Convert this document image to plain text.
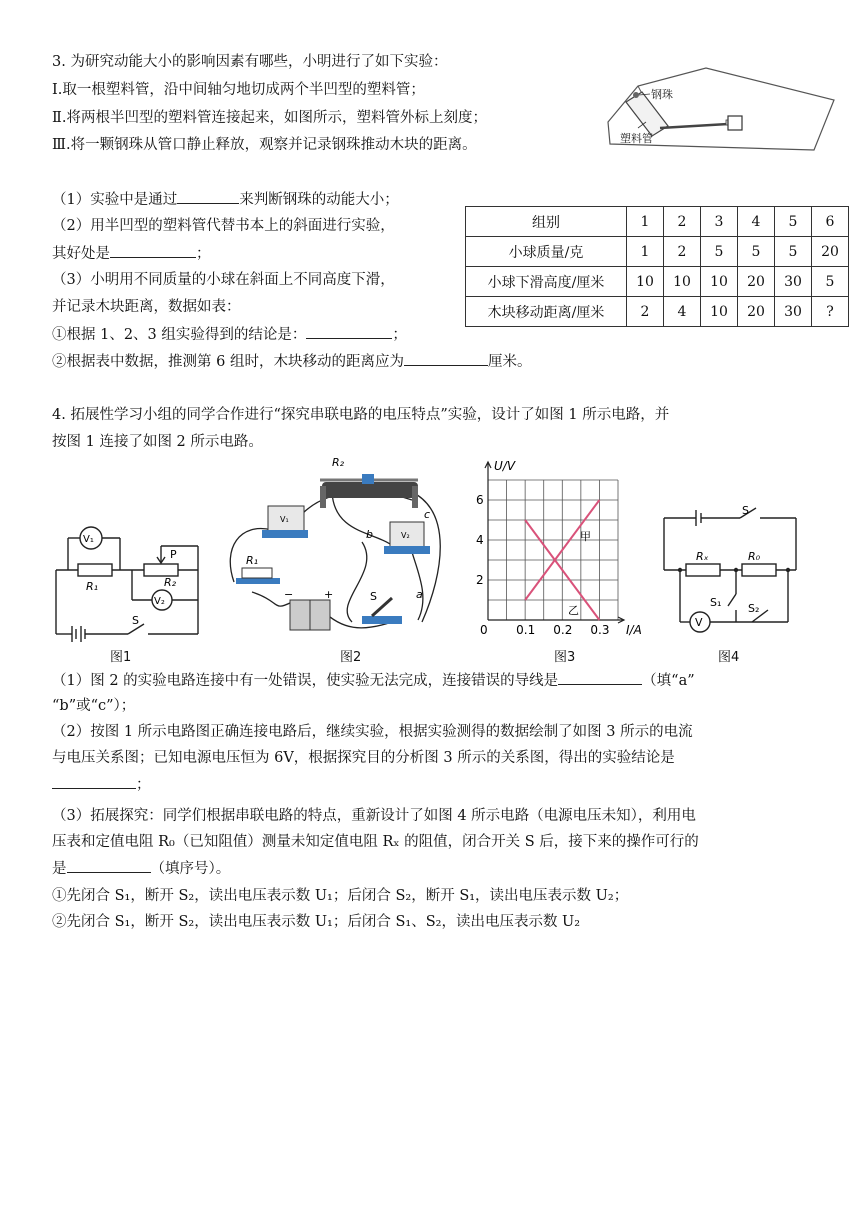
3. 为研究动能大小的影响因素有哪些，小明进行了如下实验：
Ⅰ.取一根塑料管，沿中间轴匀地切成两个半凹型的塑料管；
Ⅱ.将两根半凹型的塑料管连接起来，如图所示，塑料管外标上刻度；
Ⅲ.将一颗钢珠从管口静止释放，观察并记录钢珠推动木块的距离。
钢珠
塑料管
（1）实验中是通过	来判断钢珠的动能大小；
（2）用半凹型的塑料管代替书本上的斜面进行实验，
其好处是	；
（3）小明用不同质量的小球在斜面上不同高度下滑，
并记录木块距离，数据如表：
①根据 1、2、3 组实验得到的结论是：	；
②根据表中数据，推测第 6 组时，木块移动的距离应为	厘米。
组别	1	2	3	4	5	6
小球质量/克	1	2	5	5	5	20
小球下滑高度/厘米	10	10	10	20	30	5
木块移动距离/厘米	2	4	10	20	30	?
4. 拓展性学习小组的同学合作进行“探究串联电路的电压特点”实验，设计了如图 1 所示电路，并
按图 1 连接了如图 2 所示电路。
V₁
V₂
R₁	R₂
P
S
图1
R₂
R₁
V₁
V₂
S	a
b
c
+
−
图2
0.1 0.2 0.3
2
4
6
U/V
I/A
0
甲
乙
图3
S
Rₓ	R₀
S₁ S₂
V
图4
（1）图 2 的实验电路连接中有一处错误，使实验无法完成，连接错误的导线是	（填“a”
“b”或“c”）；
（2）按图 1 所示电路图正确连接电路后，继续实验，根据实验测得的数据绘制了如图 3 所示的电流
与电压关系图；已知电源电压恒为 6V，根据探究目的分析图 3 所示的关系图，得出的实验结论是
；
（3）拓展探究：同学们根据串联电路的特点，重新设计了如图 4 所示电路（电源电压未知），利用电
压表和定值电阻 R₀（已知阻值）测量未知定值电阻 Rₓ 的阻值，闭合开关 S 后，接下来的操作可行的
是	（填序号）。
①先闭合 S₁，断开 S₂，读出电压表示数 U₁；后闭合 S₂，断开 S₁，读出电压表示数 U₂；
②先闭合 S₁，断开 S₂，读出电压表示数 U₁；后闭合 S₁、S₂，读出电压表示数 U₂
